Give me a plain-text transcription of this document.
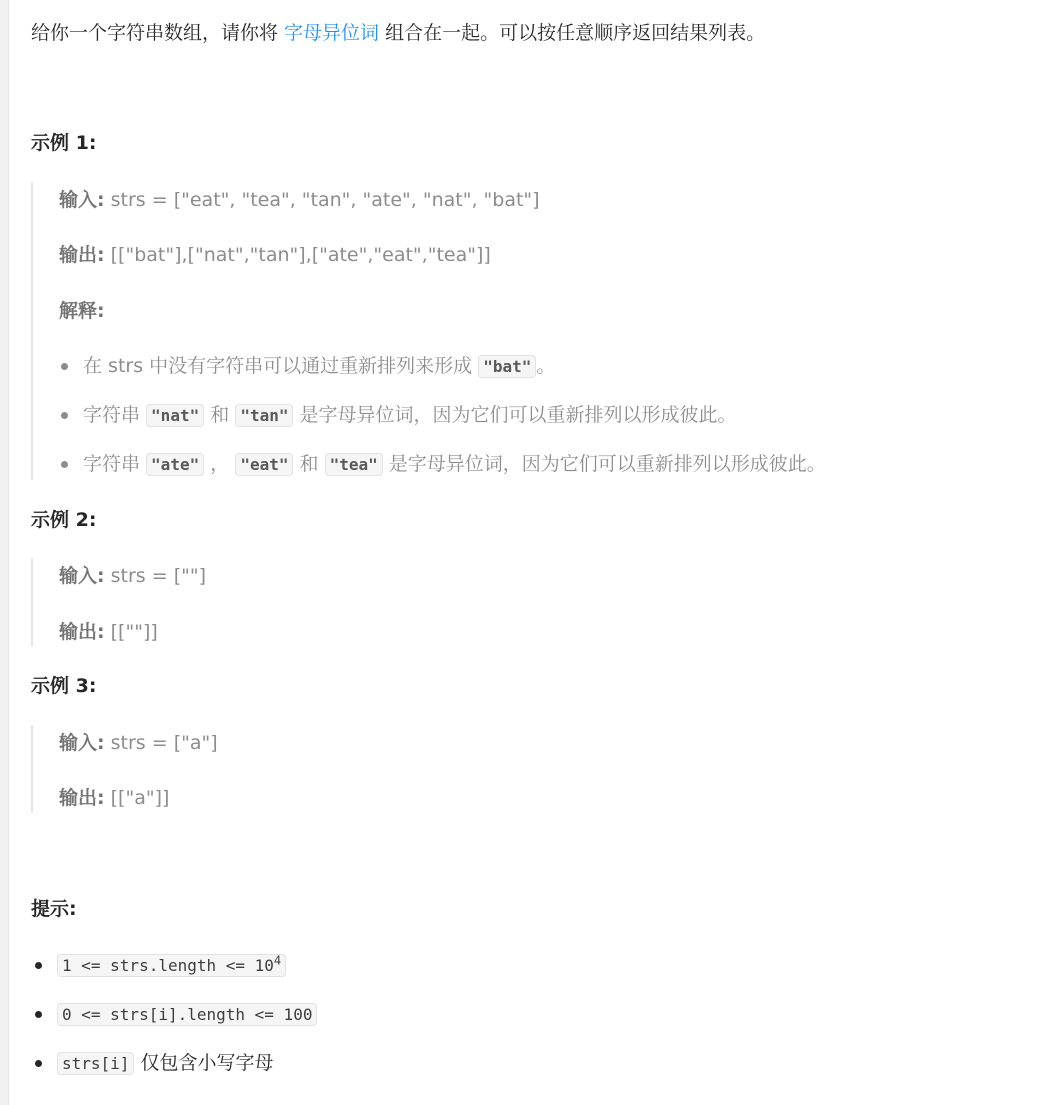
给你一个字符串数组，请你将 字母异位词 组合在一起。可以按任意顺序返回结果列表。
示例 1:
输入: strs = ["eat", "tea", "tan", "ate", "nat", "bat"]
输出: [["bat"],["nat","tan"],["ate","eat","tea"]]
解释:
在 strs 中没有字符串可以通过重新排列来形成 "bat" 。
字符串 "nat" 和 "tan" 是字母异位词，因为它们可以重新排列以形成彼此。
字符串 "ate" ， "eat" 和 "tea" 是字母异位词，因为它们可以重新排列以形成彼此。
示例 2:
输入: strs = [""]
输出: [[""]]
示例 3:
输入: strs = ["a"]
输出: [["a"]]
提示:
1 <= strs.length <= $10^4$
0 <= strs[i].length <= 100
strs[i] 仅包含小写字母
